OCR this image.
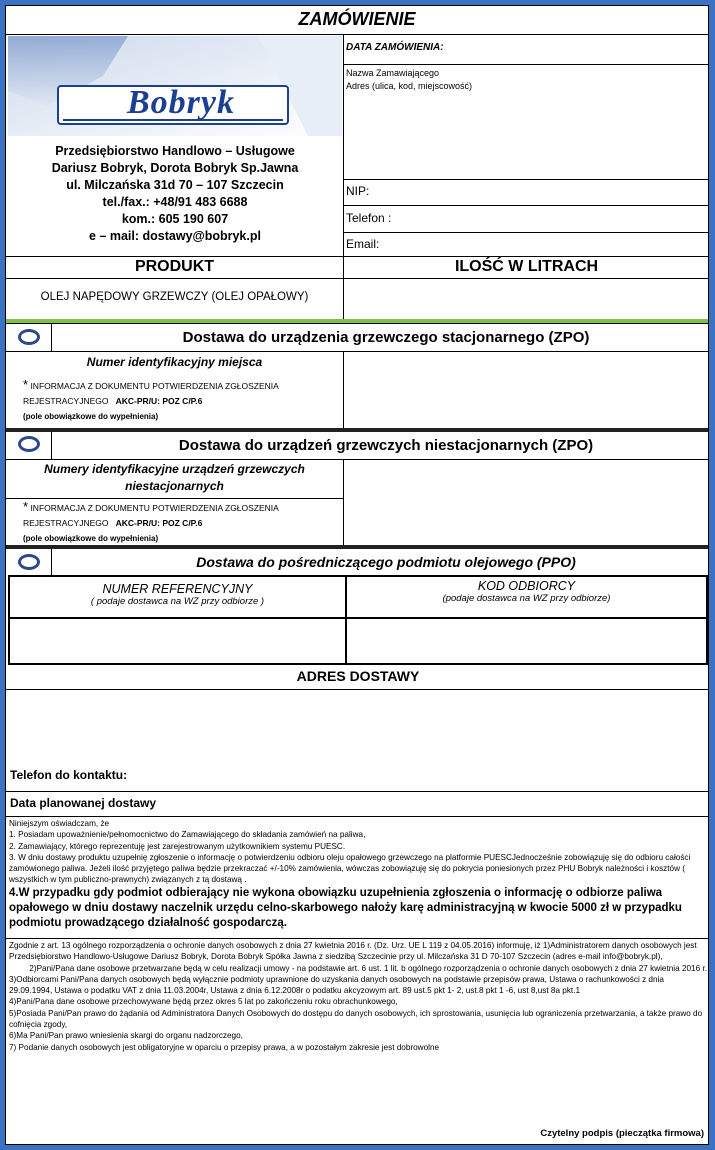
ZAMÓWIENIE
Bobryk
Przedsiębiorstwo Handlowo – Usługowe
Dariusz Bobryk, Dorota Bobryk Sp.Jawna
ul. Milczańska 31d 70 – 107 Szczecin
tel./fax.: +48/91 483 6688
kom.: 605 190 607
e – mail: dostawy@bobryk.pl
DATA ZAMÓWIENIA:
Nazwa Zamawiającego
Adres (ulica, kod, miejscowość)
NIP:
Telefon :
Email:
PRODUKT	ILOŚĆ W LITRACH
OLEJ NAPĘDOWY GRZEWCZY (OLEJ OPAŁOWY)
Dostawa do urządzenia grzewczego stacjonarnego (ZPO)
Numer identyfikacyjny miejsca
* INFORMACJA Z DOKUMENTU POTWIERDZENIA ZGŁOSZENIA
REJESTRACYJNEGO AKC-PR/U: POZ C/P.6
(pole obowiązkowe do wypełnienia)
Dostawa do urządzeń grzewczych niestacjonarnych (ZPO)
Numery identyfikacyjne urządzeń grzewczych
niestacjonarnych
* INFORMACJA Z DOKUMENTU POTWIERDZENIA ZGŁOSZENIA
REJESTRACYJNEGO AKC-PR/U: POZ C/P.6
(pole obowiązkowe do wypełnienia)
Dostawa do pośredniczącego podmiotu olejowego (PPO)
NUMER REFERENCYJNY
( podaje dostawca na WZ przy odbiorze )
KOD ODBIORCY
(podaje dostawca na WZ przy odbiorze)
ADRES DOSTAWY
Telefon do kontaktu:
Data planowanej dostawy

Niniejszym oświadczam, że

1. Posiadam upoważnienie/pełnomocnictwo do Zamawiającego do składania zamówień na paliwa,

2. Zamawiający, którego reprezentuję jest zarejestrowanym użytkownikiem systemu PUESC.

3. W dniu dostawy produktu uzupełnię zgłoszenie o informację o potwierdzeniu odbioru oleju opałowego grzewczego na platformie PUESCJednocześnie zobowiązuję się do odbioru całości zamówionego paliwa. Jeżeli ilość przyjętego paliwa będzie przekraczać +/-10% zamówienia, wówczas zobowiązuję się do pokrycia poniesionych przez PHU Bobryk należności i kosztów ( wszystkich w tym publiczno-prawnych) związanych z tą dostawą .

4.W przypadku gdy podmiot odbierający nie wykona obowiązku uzupełnienia zgłoszenia o informację o odbiorze paliwa opałowego w dniu dostawy naczelnik urzędu celno-skarbowego nałoży karę administracyjną w kwocie 5000 zł w przypadku podmiotu prowadzącego działalność gospodarczą.

Zgodnie z art. 13 ogólnego rozporządzenia o ochronie danych osobowych z dnia 27 kwietnia 2016 r. (Dz. Urz. UE L 119 z 04.05.2016) informuję, iż 1)Administratorem danych osobowych jest Przedsiębiorstwo Handlowo-Usługowe Dariusz Bobryk, Dorota Bobryk Spółka Jawna z siedzibą Szczecinie przy ul. Milczańska 31 D 70-107 Szczecin (adres e-mail info@bobryk.pl),

2)Pani/Pana dane osobowe przetwarzane będą w celu realizacji umowy - na podstawie art. 6 ust. 1 lit. b ogólnego rozporządzenia o ochronie danych osobowych z dnia 27 kwietnia 2016 r.

3)Odbiorcami Pani/Pana danych osobowych będą wyłącznie podmioty uprawnione do uzyskania danych osobowych na podstawie przepisów prawa, Ustawa o rachunkowości z dnia 29.09.1994, Ustawa o podatku VAT z dnia 11.03.2004r, Ustawa z dnia 6.12.2008r o podatku akcyzowym art. 89 ust.5 pkt 1- 2, ust.8 pkt 1 -6, ust 8,ust 8a pkt.1

4)Pani/Pana dane osobowe przechowywane będą przez okres 5 lat po zakończeniu roku obrachunkowego,

5)Posiada Pani/Pan prawo do żądania od Administratora Danych Osobowych do dostępu do danych osobowych, ich sprostowania, usunięcia lub ograniczenia przetwarzania, a także prawo do cofnięcia zgody,

6)Ma Pani/Pan prawo wniesienia skargi do organu nadzorczego,

7) Podanie danych osobowych jest obligatoryjne w oparciu o przepisy prawa, a w pozostałym zakresie jest dobrowolne

Czytelny podpis (pieczątka firmowa)
